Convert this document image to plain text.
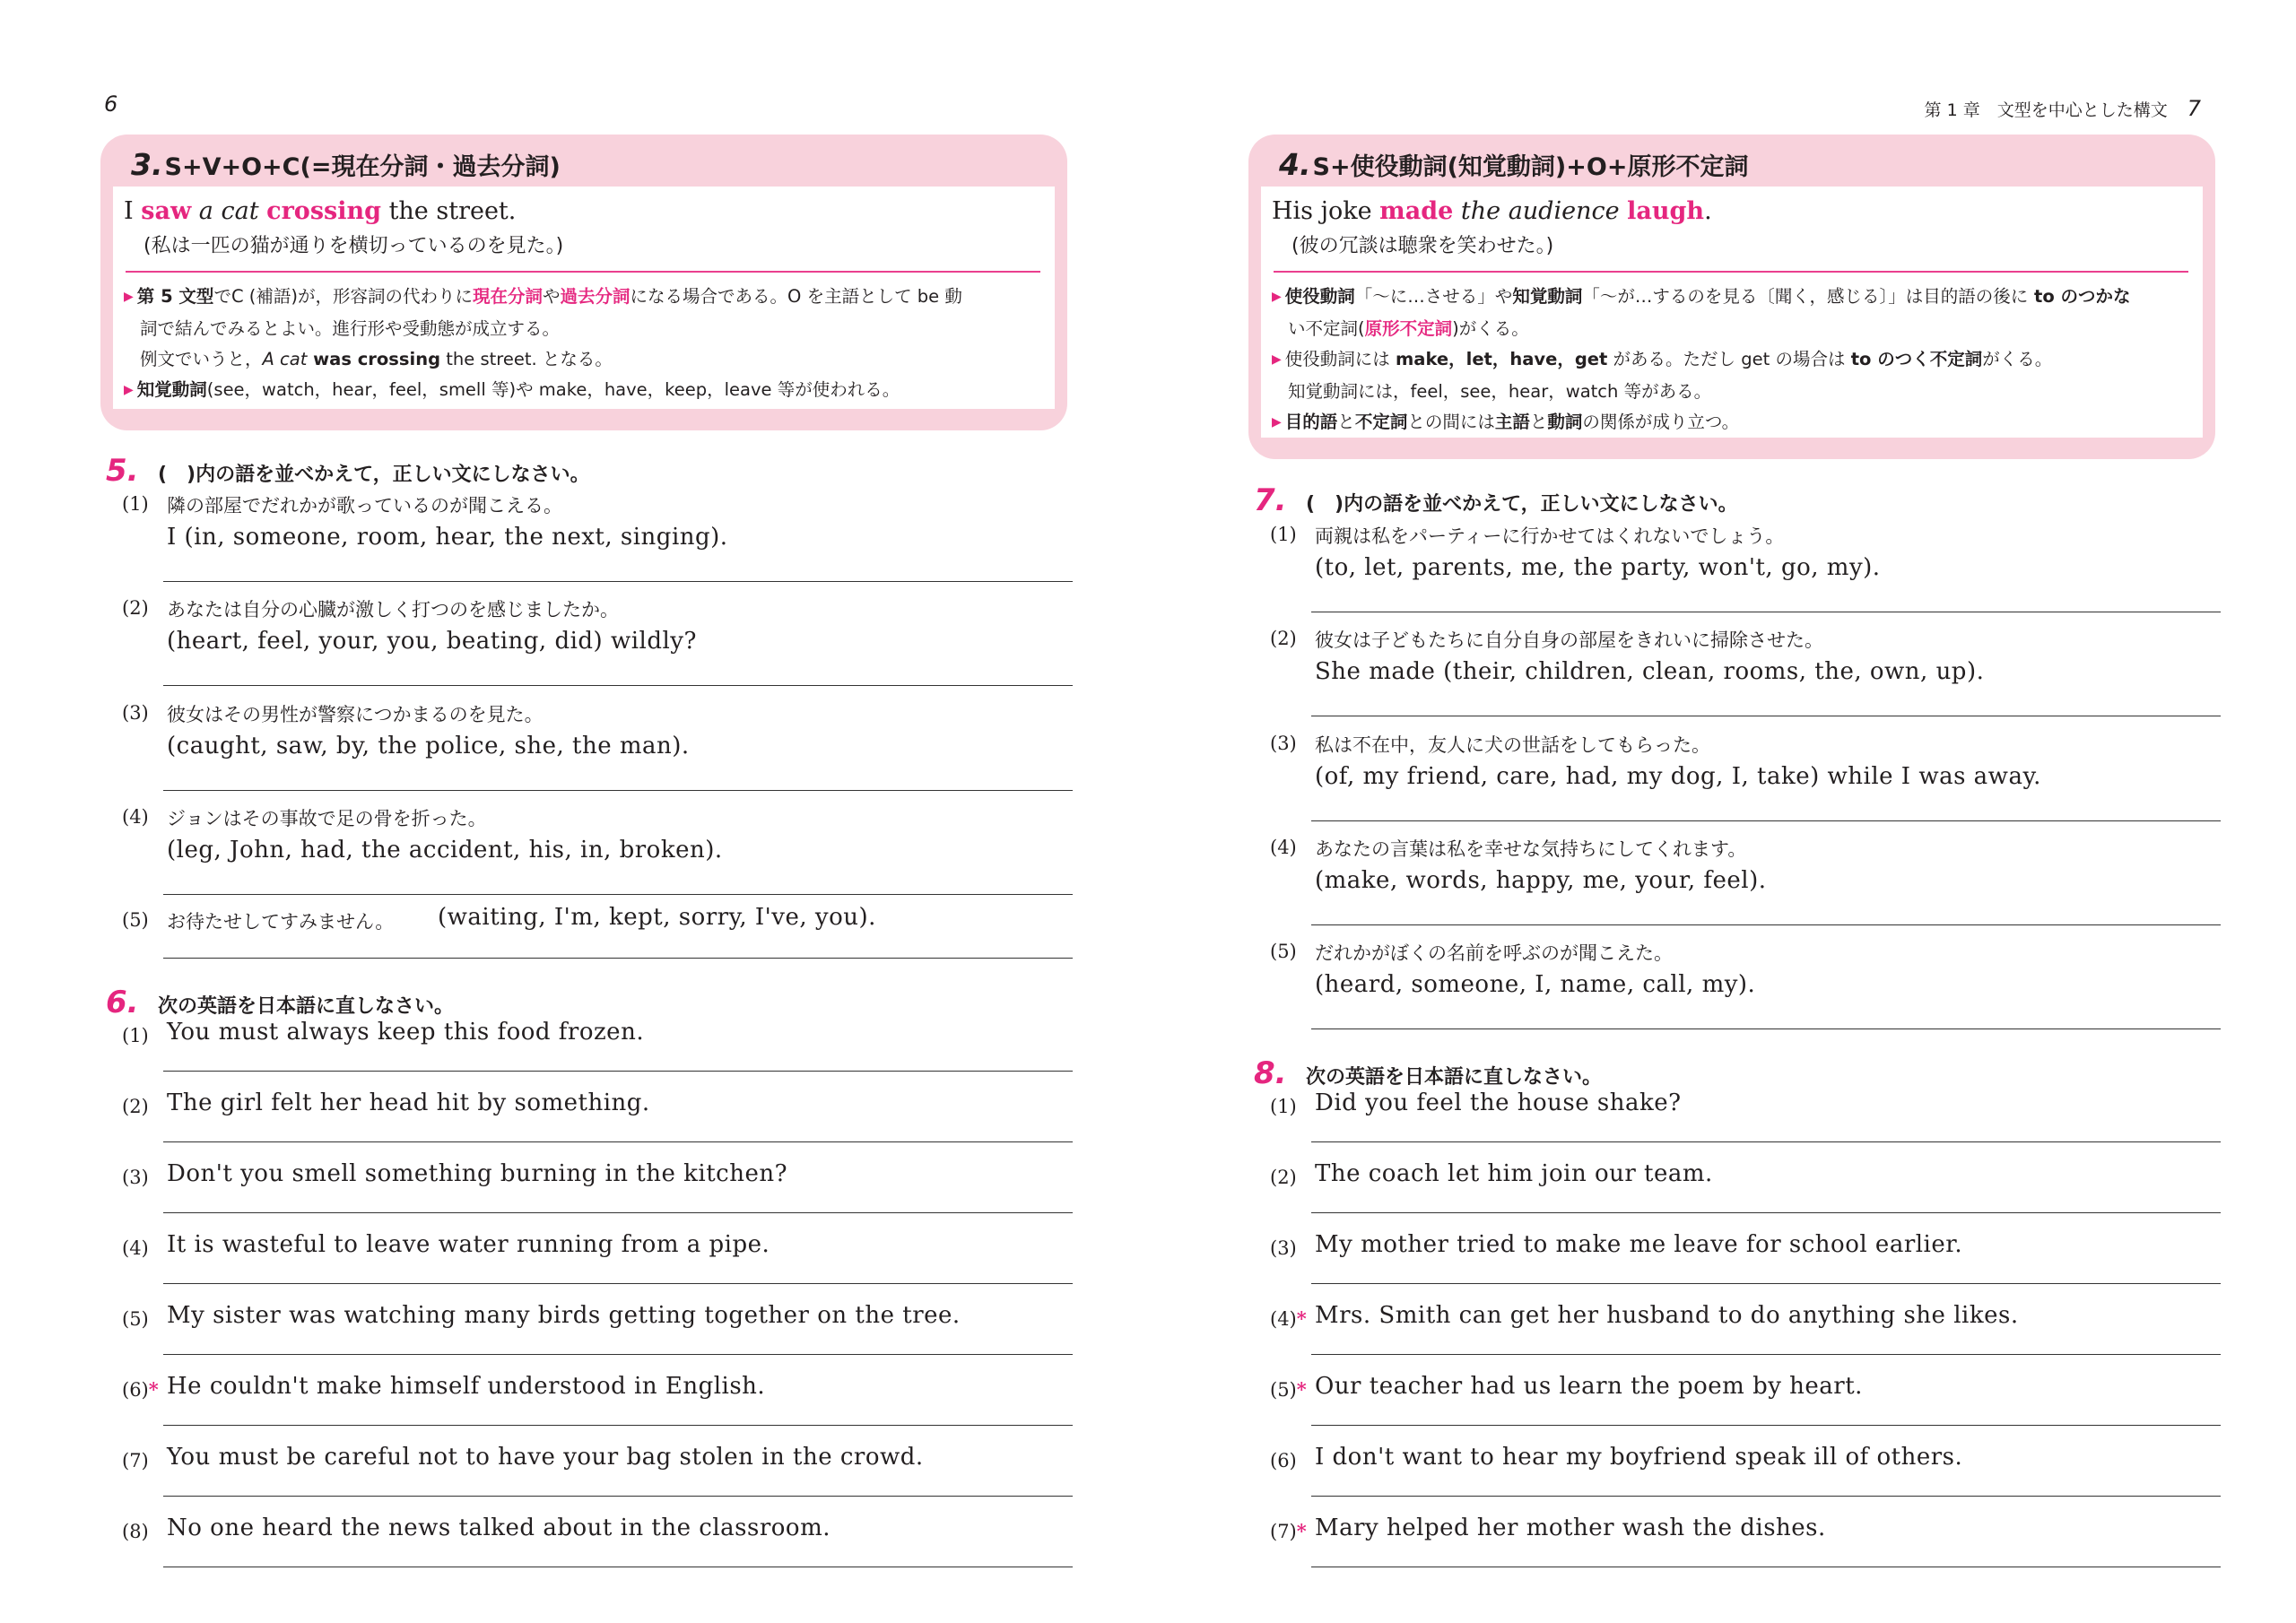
6
3. S+V+O+C(=現在分詞・過去分詞)
I saw a cat crossing the street.
(私は一匹の猫が通りを横切っているのを見た。)
▶ 第 5 文型でC (補語)が，形容詞の代わりに現在分詞や過去分詞になる場合である。O を主語として be 動
詞で結んでみるとよい。進行形や受動態が成立する。
例文でいうと，A cat was crossing the street. となる。
▶ 知覚動詞(see，watch，hear，feel，smell 等)や make，have，keep，leave 等が使われる。
5. (　)内の語を並べかえて，正しい文にしなさい。
(1) 隣の部屋でだれかが歌っているのが聞こえる。
I (in, someone, room, hear, the next, singing).
(2) あなたは自分の心臓が激しく打つのを感じましたか。
(heart, feel, your, you, beating, did) wildly?
(3) 彼女はその男性が警察につかまるのを見た。
(caught, saw, by, the police, she, the man).
(4) ジョンはその事故で足の骨を折った。
(leg, John, had, the accident, his, in, broken).
(5) お待たせしてすみません。 (waiting, I'm, kept, sorry, I've, you).
6. 次の英語を日本語に直しなさい。
(1) You must always keep this food frozen.
(2) The girl felt her head hit by something.
(3) Don't you smell something burning in the kitchen?
(4) It is wasteful to leave water running from a pipe.
(5) My sister was watching many birds getting together on the tree.
(6)* He couldn't make himself understood in English.
(7) You must be careful not to have your bag stolen in the crowd.
(8) No one heard the news talked about in the classroom.
第 1 章　文型を中心とした構文 7
4. S+使役動詞(知覚動詞)+O+原形不定詞
His joke made the audience laugh.
(彼の冗談は聴衆を笑わせた。)
▶ 使役動詞「〜に…させる」や知覚動詞「〜が…するのを見る〔聞く，感じる〕」は目的語の後に to のつかな
い不定詞(原形不定詞)がくる。
▶ 使役動詞には make，let，have，get がある。ただし get の場合は to のつく不定詞がくる。
知覚動詞には，feel，see，hear，watch 等がある。
▶ 目的語と不定詞との間には主語と動詞の関係が成り立つ。
7. (　)内の語を並べかえて，正しい文にしなさい。
(1) 両親は私をパーティーに行かせてはくれないでしょう。
(to, let, parents, me, the party, won't, go, my).
(2) 彼女は子どもたちに自分自身の部屋をきれいに掃除させた。
She made (their, children, clean, rooms, the, own, up).
(3) 私は不在中，友人に犬の世話をしてもらった。
(of, my friend, care, had, my dog, I, take) while I was away.
(4) あなたの言葉は私を幸せな気持ちにしてくれます。
(make, words, happy, me, your, feel).
(5) だれかがぼくの名前を呼ぶのが聞こえた。
(heard, someone, I, name, call, my).
8. 次の英語を日本語に直しなさい。
(1) Did you feel the house shake?
(2) The coach let him join our team.
(3) My mother tried to make me leave for school earlier.
(4)* Mrs. Smith can get her husband to do anything she likes.
(5)* Our teacher had us learn the poem by heart.
(6) I don't want to hear my boyfriend speak ill of others.
(7)* Mary helped her mother wash the dishes.
